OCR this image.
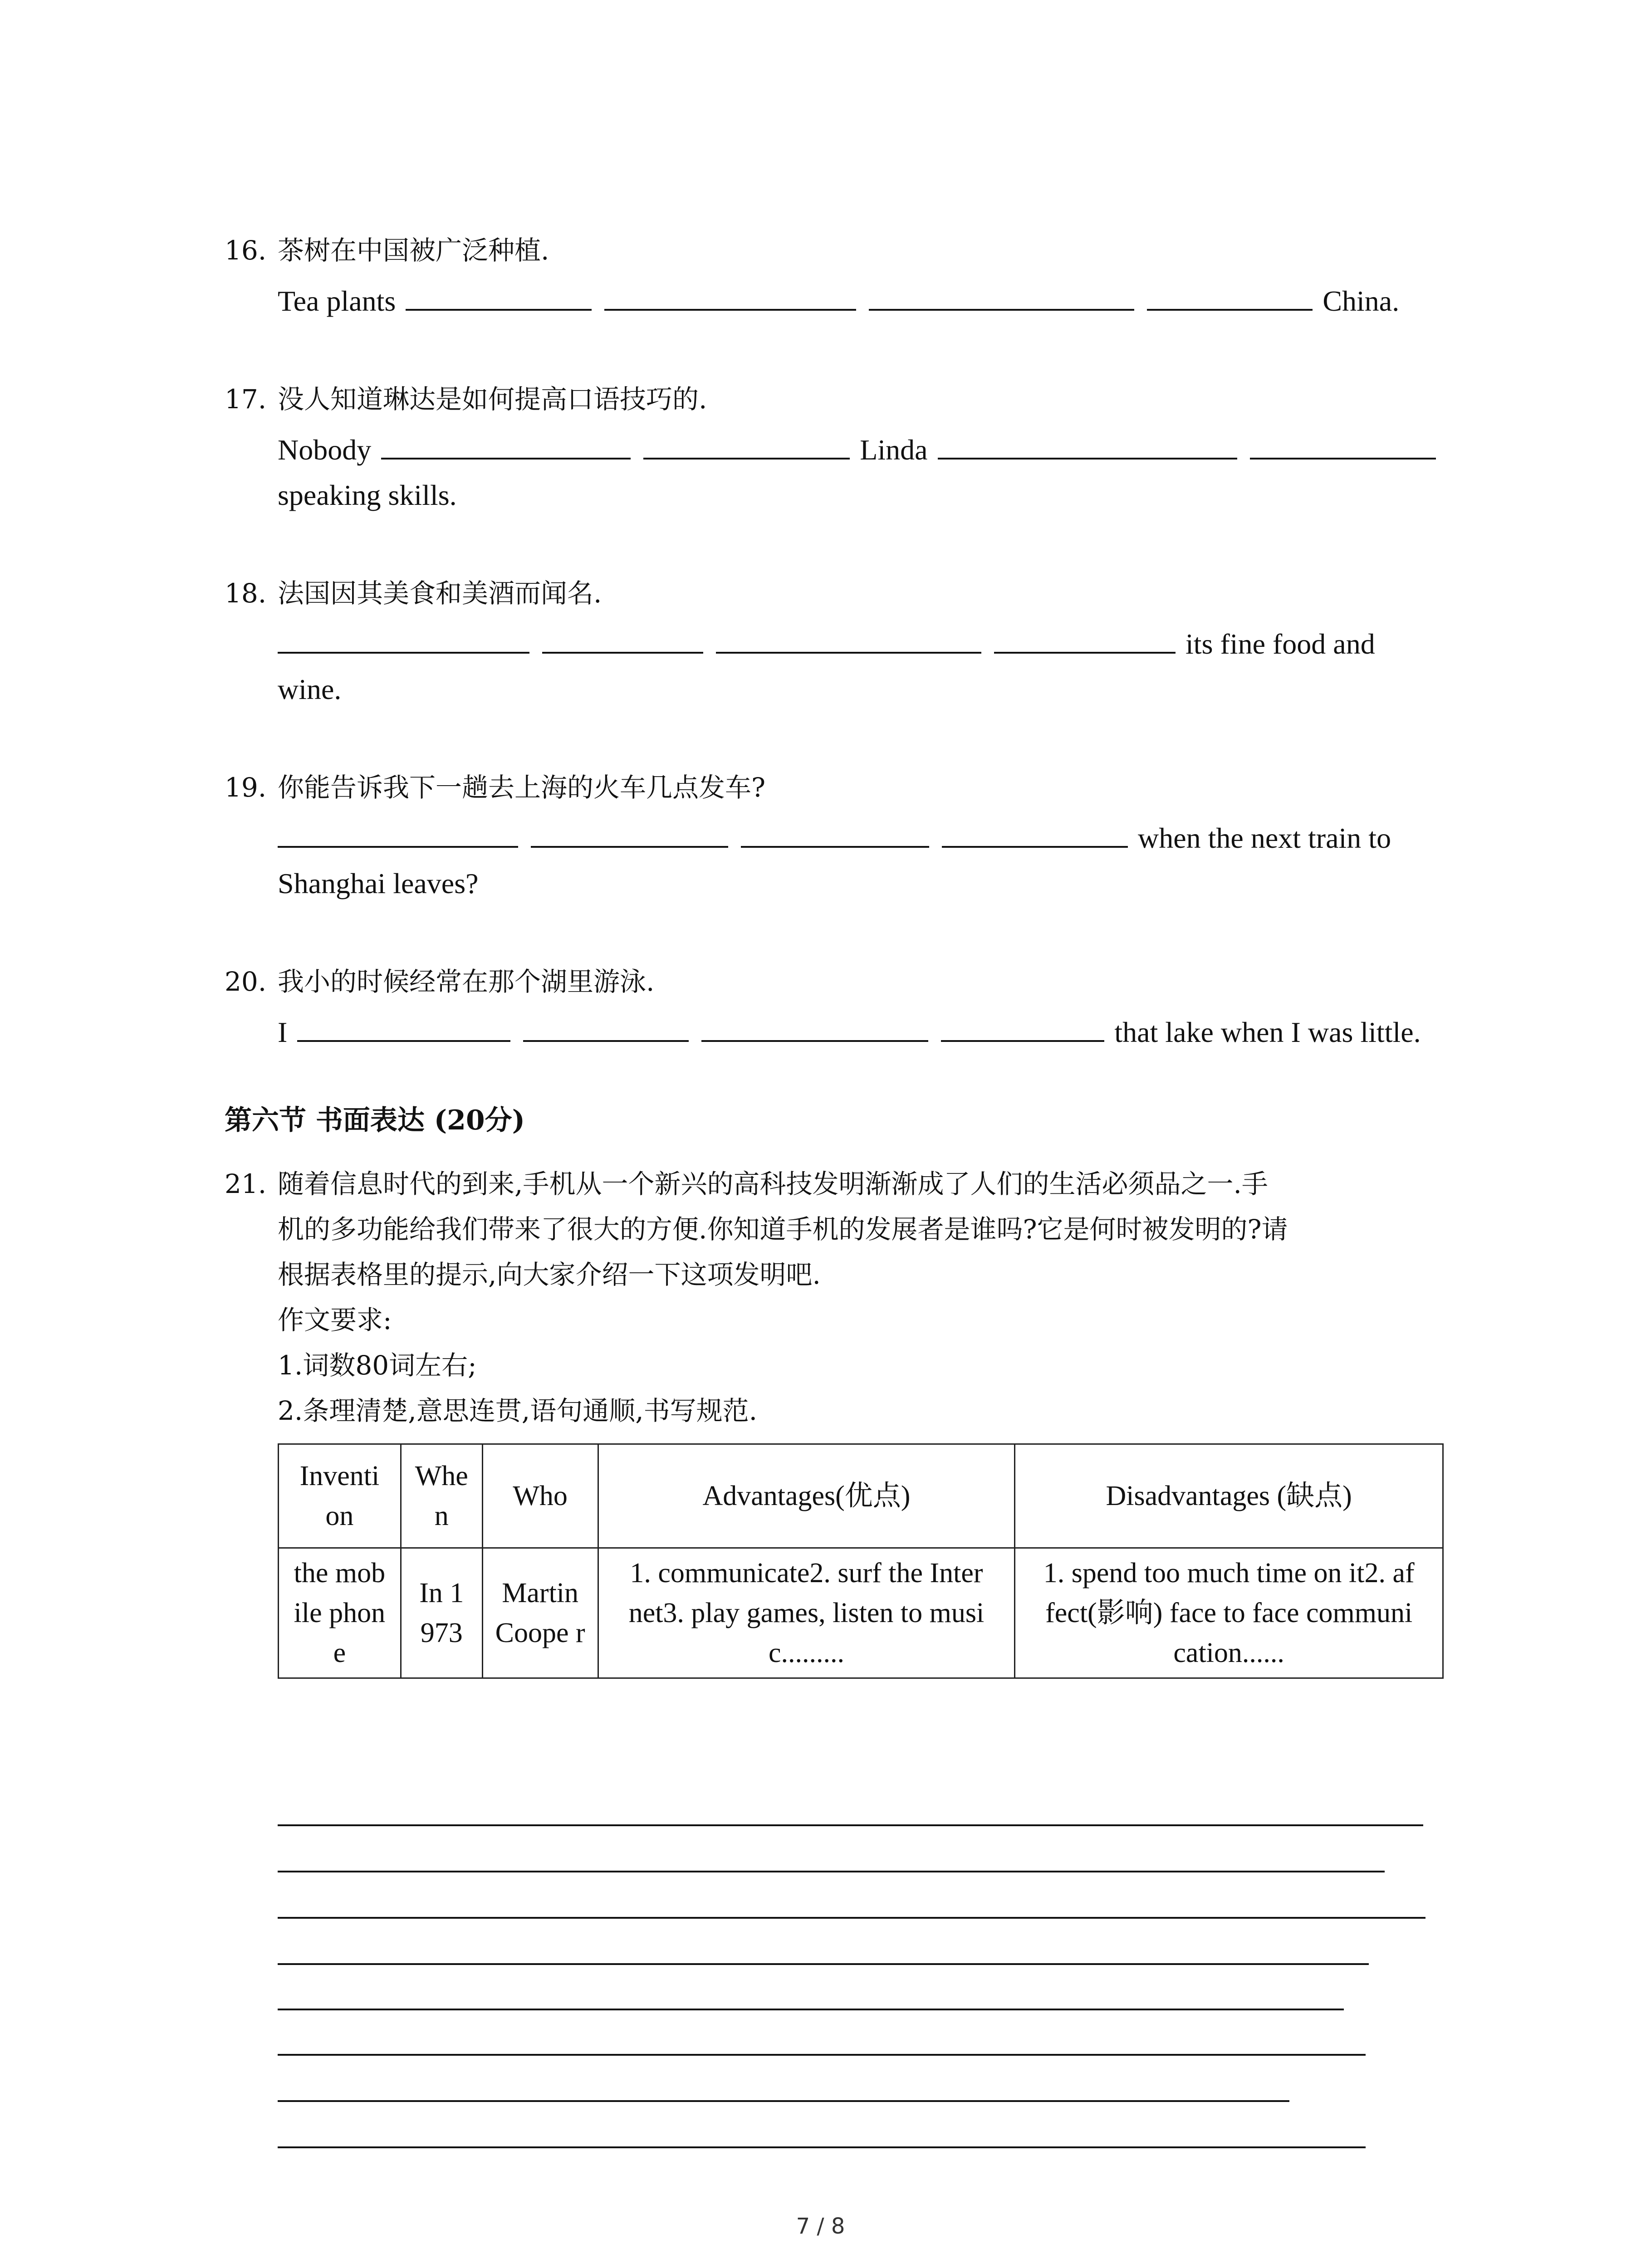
16. 茶树在中国被广泛种植.
Tea plants	China.
17. 没人知道琳达是如何提高口语技巧的.
Nobody	Linda
speaking skills.
18. 法国因其美食和美酒而闻名.
its fine food and
wine.
19. 你能告诉我下一趟去上海的火车几点发车?
when the next train to
Shanghai leaves?
20. 我小的时候经常在那个湖里游泳.
I	that lake when I was little.
第六节 书面表达 (20分)
21. 随着信息时代的到来,手机从一个新兴的高科技发明渐渐成了人们的生活必须品之一.手
机的多功能给我们带来了很大的方便.你知道手机的发展者是谁吗?它是何时被发明的?请
根据表格里的提示,向大家介绍一下这项发明吧.
作文要求:
1.词数80词左右;
2.条理清楚,意思连贯,语句通顺,书写规范.
Inventi on	Whe n	Who	Advantages(优点)	Disadvantages (缺点)
the mob ile phon e	In 1 973	Martin Coope r	1. communicate2. surf the Inter net3. play games, listen to musi c.........	1. spend too much time on it2. af fect(影响) face to face communi cation......
7 / 8
